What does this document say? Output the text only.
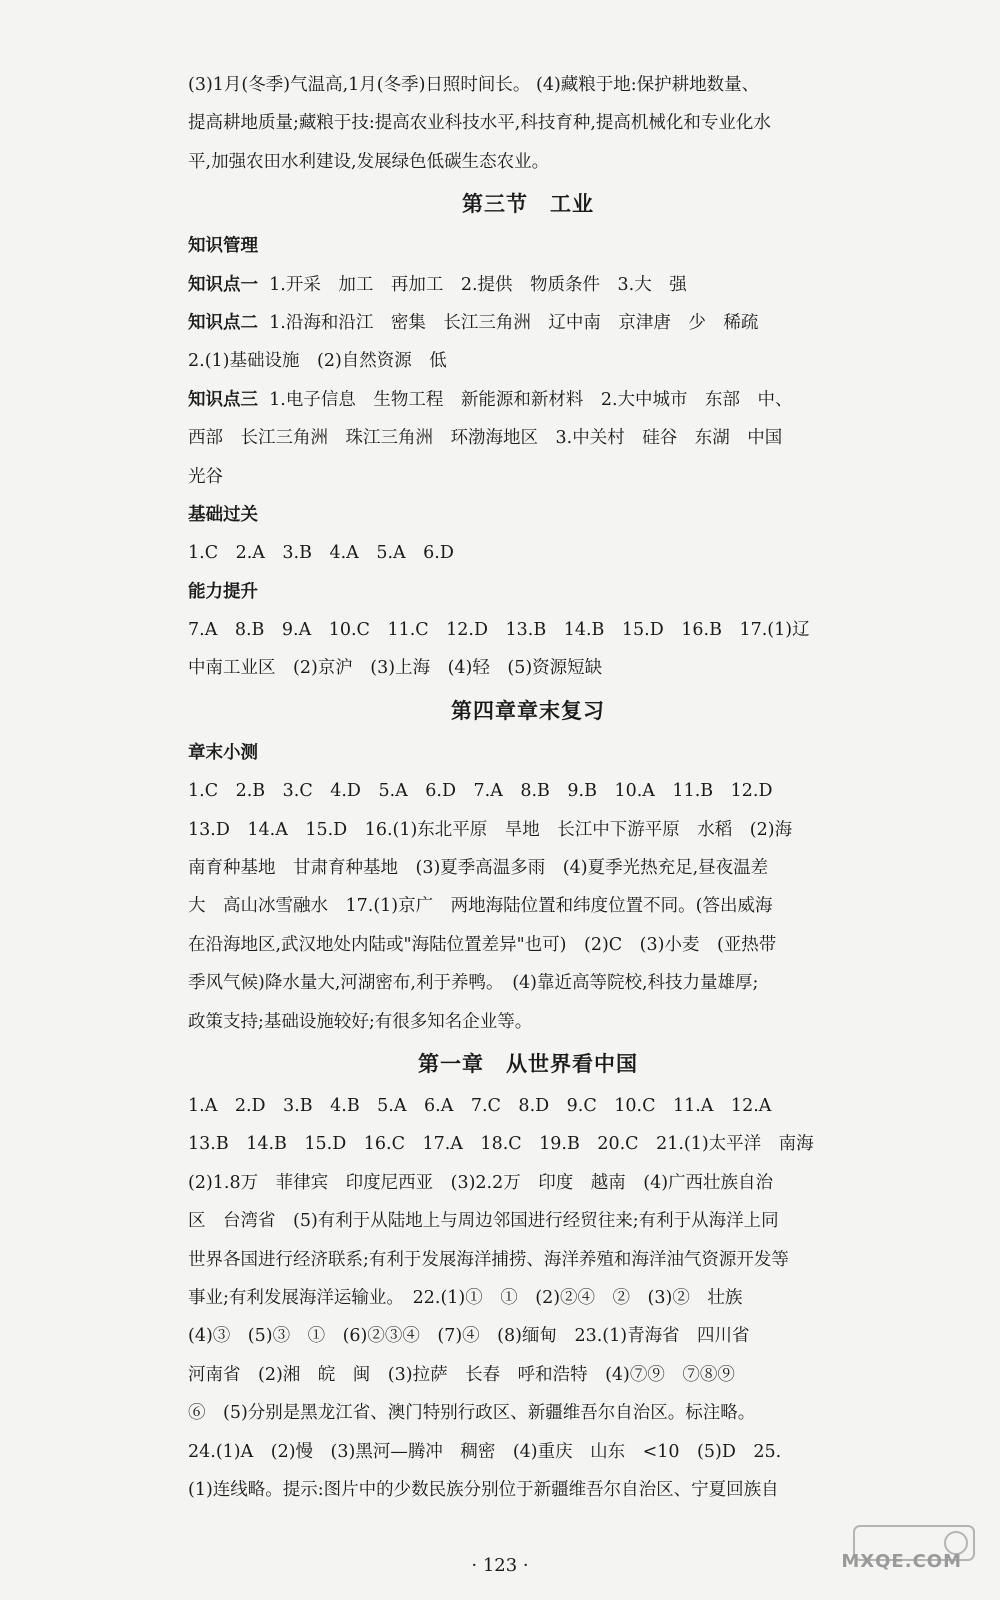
(3)1月(冬季)气温高,1月(冬季)日照时间长。 (4)藏粮于地:保护耕地数量、
提高耕地质量;藏粮于技:提高农业科技水平,科技育种,提高机械化和专业化水
平,加强农田水利建设,发展绿色低碳生态农业。
第三节　工业
知识管理
知识点一 1.开采　加工　再加工　2.提供　物质条件　3.大　强
知识点二 1.沿海和沿江　密集　长江三角洲　辽中南　京津唐　少　稀疏
2.(1)基础设施　(2)自然资源　低
知识点三 1.电子信息　生物工程　新能源和新材料　2.大中城市　东部　中、
西部　长江三角洲　珠江三角洲　环渤海地区　3.中关村　硅谷　东湖　中国
光谷
基础过关
1.C　2.A　3.B　4.A　5.A　6.D
能力提升
7.A　8.B　9.A　10.C　11.C　12.D　13.B　14.B　15.D　16.B　17.(1)辽
中南工业区　(2)京沪　(3)上海　(4)轻　(5)资源短缺
第四章章末复习
章末小测
1.C　2.B　3.C　4.D　5.A　6.D　7.A　8.B　9.B　10.A　11.B　12.D
13.D　14.A　15.D　16.(1)东北平原　旱地　长江中下游平原　水稻　(2)海
南育种基地　甘肃育种基地　(3)夏季高温多雨　(4)夏季光热充足,昼夜温差
大　高山冰雪融水　17.(1)京广　两地海陆位置和纬度位置不同。(答出威海
在沿海地区,武汉地处内陆或"海陆位置差异"也可)　(2)C　(3)小麦　(亚热带
季风气候)降水量大,河湖密布,利于养鸭。　(4)靠近高等院校,科技力量雄厚;
政策支持;基础设施较好;有很多知名企业等。
第一章　从世界看中国
1.A　2.D　3.B　4.B　5.A　6.A　7.C　8.D　9.C　10.C　11.A　12.A
13.B　14.B　15.D　16.C　17.A　18.C　19.B　20.C　21.(1)太平洋　南海
(2)1.8万　菲律宾　印度尼西亚　(3)2.2万　印度　越南　(4)广西壮族自治
区　台湾省　(5)有利于从陆地上与周边邻国进行经贸往来;有利于从海洋上同
世界各国进行经济联系;有利于发展海洋捕捞、海洋养殖和海洋油气资源开发等
事业;有利发展海洋运输业。　22.(1)①　①　(2)②④　②　(3)②　壮族
(4)③　(5)③　①　(6)②③④　(7)④　(8)缅甸　23.(1)青海省　四川省
河南省　(2)湘　皖　闽　(3)拉萨　长春　呼和浩特　(4)⑦⑨　⑦⑧⑨
⑥　(5)分别是黑龙江省、澳门特别行政区、新疆维吾尔自治区。标注略。
24.(1)A　(2)慢　(3)黑河—腾冲　稠密　(4)重庆　山东　<10　(5)D　25.
(1)连线略。提示:图片中的少数民族分别位于新疆维吾尔自治区、宁夏回族自
· 123 ·	MXQE.COM
